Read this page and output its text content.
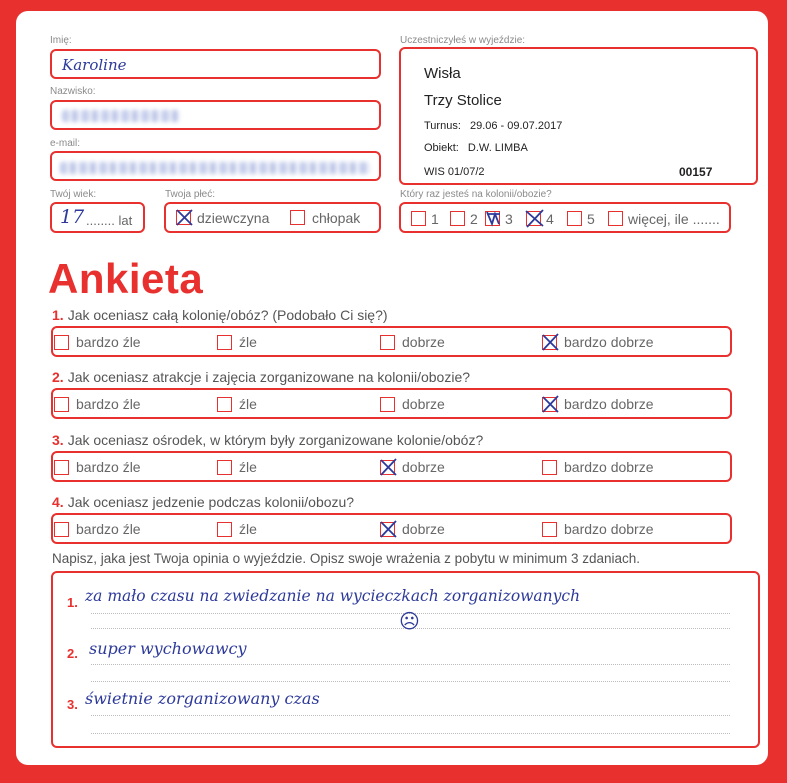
Imię:
Karoline
Nazwisko:
e-mail:
Uczestniczyłeś w wyjeździe:
Wisła
Trzy Stolice
Turnus: 29.06 - 09.07.2017
Obiekt: D.W. LIMBA
WIS 01/07/2	00157
Twój wiek:
17 ........ lat
Twoja płeć:
dziewczyna	chłopak
Który raz jesteś na kolonii/obozie?
1 2 3 4 5 więcej, ile .......
Ankieta
1. Jak oceniasz całą kolonię/obóz? (Podobało Ci się?)
bardzo źle	źle	dobrze	bardzo dobrze
2. Jak oceniasz atrakcje i zajęcia zorganizowane na kolonii/obozie?
bardzo źle	źle	dobrze	bardzo dobrze
3. Jak oceniasz ośrodek, w którym były zorganizowane kolonie/obóz?
bardzo źle	źle	dobrze	bardzo dobrze
4. Jak oceniasz jedzenie podczas kolonii/obozu?
bardzo źle	źle	dobrze	bardzo dobrze
Napisz, jaka jest Twoja opinia o wyjeździe. Opisz swoje wrażenia z pobytu w minimum 3 zdaniach.
1. za mało czasu na zwiedzanie na wycieczkach zorganizowanych
☹
2. super wychowawcy
3. świetnie zorganizowany czas
